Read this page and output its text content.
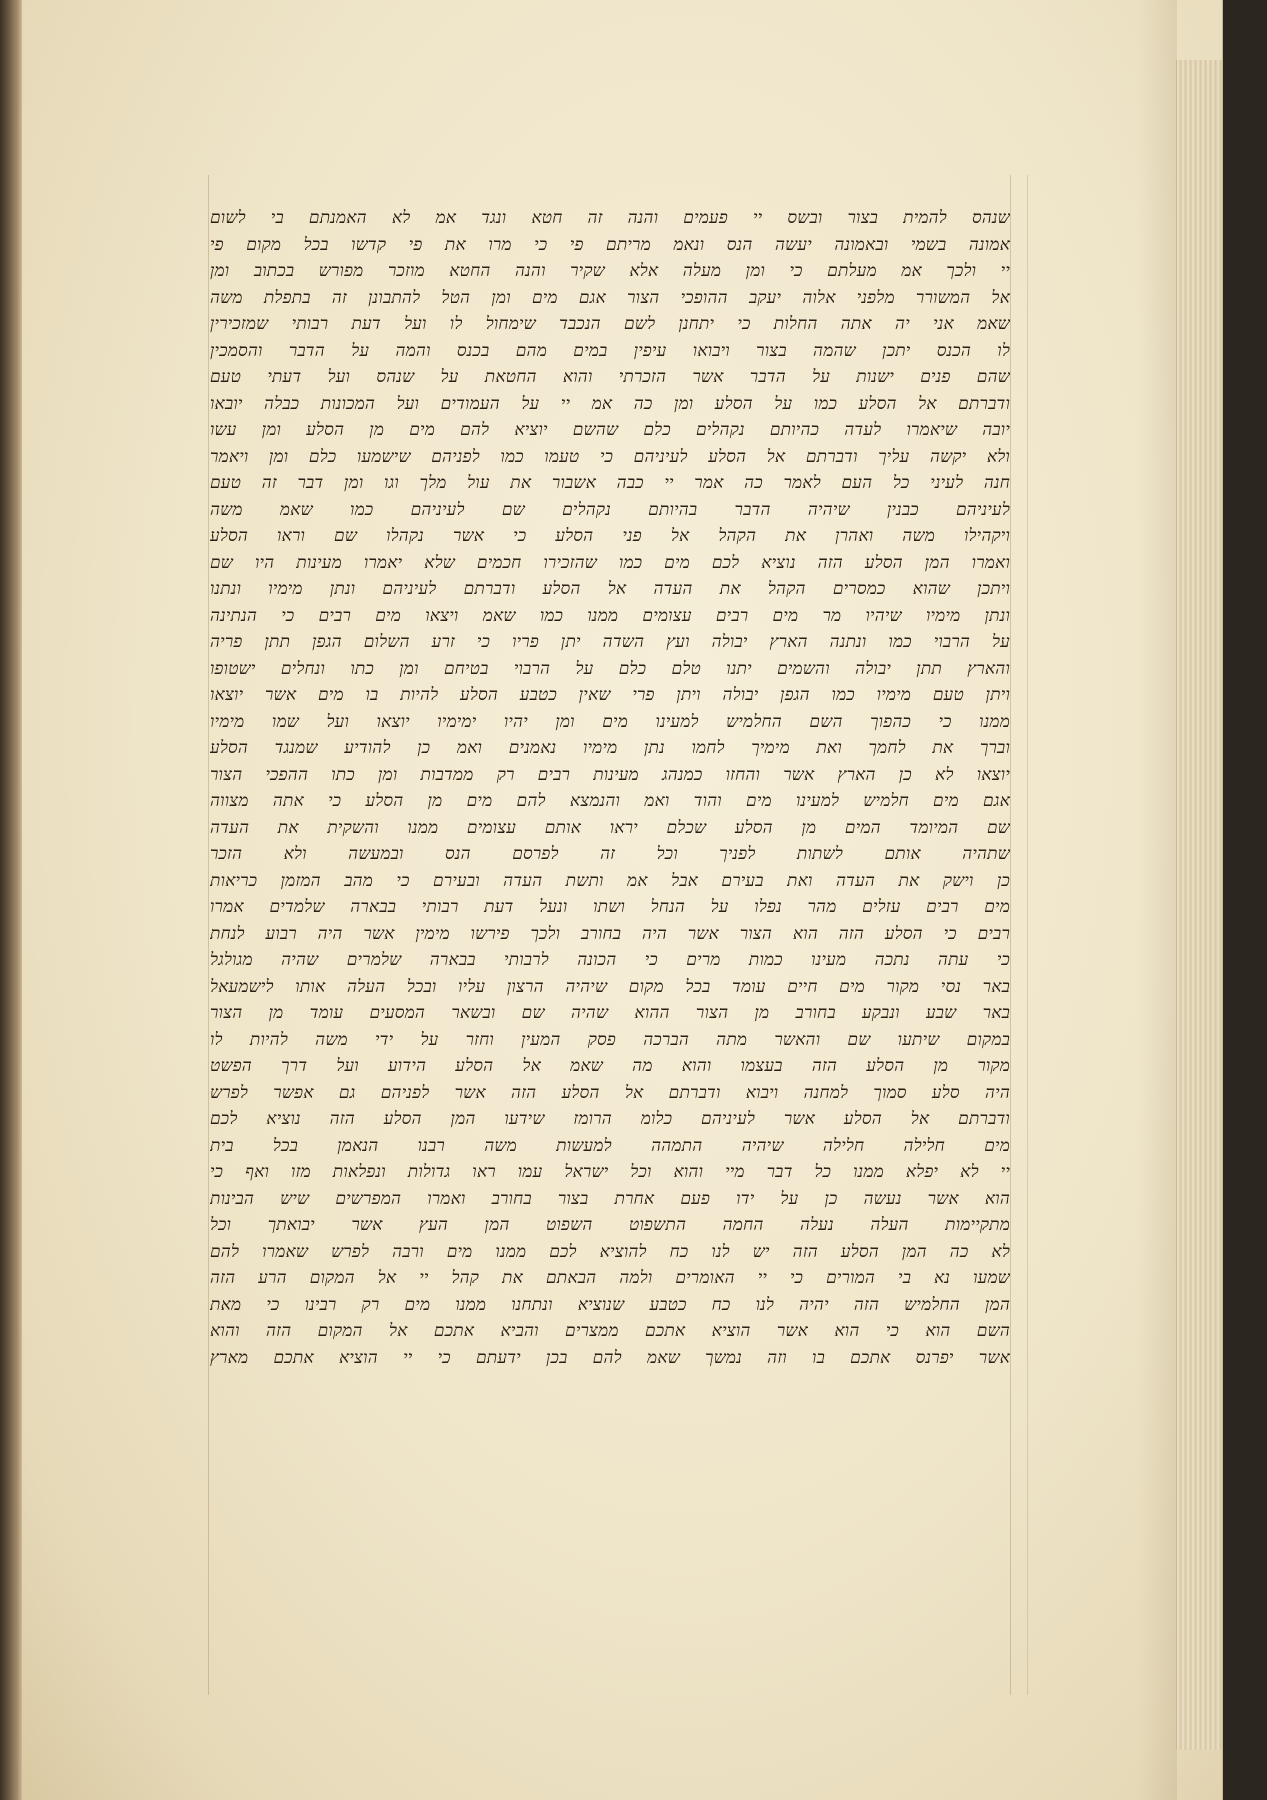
שנהס להמית בצור ובשס יי פעמים והנה זה חטא ונגד אמ לא האמנתם בי לשום
אמונה בשמי ובאמונה יעשה הנס ונאמ מריתם פי כי מרו את פי קדשו בכל מקום פי
יי ולכך אמ מעלתם כי ומן מעלה אלא שקיר והנה החטא מוזכר מפורש בכתוב ומן
אל המשורר מלפני אלוה יעקב ההופכי הצור אגם מים ומן הטל להתבונן זה בתפלת משה
שאמ אני יה אתה החלות כי יתחנן לשם הנכבד שימחול לו ועל דעת רבותי שמזכירין
לו הכנס יתכן שהמה בצור ויבואו עיפין במים מהם בכנס והמה על הדבר והסמכין
שהם פנים ישנות על הדבר אשר הזכרתי והוא החטאת על שנהס ועל דעתי טעם
ודברתם אל הסלע כמו על הסלע ומן כה אמ יי על העמודים ועל המכונות כבלה יובאו
יובה שיאמרו לעדה כהיותם נקהלים כלם שהשם יוציא להם מים מן הסלע ומן עשו
ולא יקשה עליך ודברתם אל הסלע לעיניהם כי טעמו כמו לפניהם שישמעו כלם ומן ויאמר
חנה לעיני כל העם לאמר כה אמר יי כבה אשבור את עול מלך וגו ומן דבר זה טעם
לעיניהם כבנין שיהיה הדבר בהיותם נקהלים שם לעיניהם כמו שאמ משה
ויקהילו משה ואהרן את הקהל אל פני הסלע כי אשר נקהלו שם וראו הסלע
ואמרו המן הסלע הזה נוציא לכם מים כמו שהזכירו חכמים שלא יאמרו מעינות היו שם
ויתכן שהוא כמסרים הקהל את העדה אל הסלע ודברתם לעיניהם ונתן מימיו ונתנו
ונתן מימיו שיהיו מר מים רבים עצומים ממנו כמו שאמ ויצאו מים רבים כי הנתינה
על הרבוי כמו ונתנה הארץ יבולה ועץ השדה יתן פריו כי זרע השלום הגפן תתן פריה
והארץ תתן יבולה והשמים יתנו טלם כלם על הרבוי בטיחם ומן כתו ונחלים ישטופו
ויתן טעם מימיו כמו הגפן יבולה ויתן פרי שאין כטבע הסלע להיות בו מים אשר יוצאו
ממנו כי כהפוך השם החלמיש למעינו מים ומן יהיו ימימיו יוצאו ועל שמו מימיו
וברך את לחמך ואת מימיך לחמו נתן מימיו נאמנים ואמ כן להודיע שמנגד הסלע
יוצאו לא כן הארץ אשר והחזו כמנהג מעינות רבים רק ממדבות ומן כתו ההפכי הצור
אגם מים חלמיש למעינו מים והוד ואמ והנמצא להם מים מן הסלע כי אתה מצווה
שם המיומד המים מן הסלע שכלם יראו אותם עצומים ממנו והשקית את העדה
שתהיה אותם לשתות לפניך וכל זה לפרסם הנס ובמעשה ולא הזכר
כן וישק את העדה ואת בעירם אבל אמ ותשת העדה ובעירם כי מהב המזמן כריאות
מים רבים עזלים מהר נפלו על הנחל ושתו ונעל דעת רבותי בבארה שלמדים אמרו
רבים כי הסלע הזה הוא הצור אשר היה בחורב ולכך פירשו מימין אשר היה רבוע לנחת
כי עתה נתכה מעינו כמות מרים כי הכונה לרבותי בבארה שלמרים שהיה מגולגל
באר נסי מקור מים חיים עומד בכל מקום שיהיה הרצון עליו ובכל העלה אותו לישמעאל
באר שבע ונבקע בחורב מן הצור ההוא שהיה שם ובשאר המסעים עומד מן הצור
במקום שיתעו שם והאשר מתה הברכה פסק המעין וחזר על ידי משה להיות לו
מקור מן הסלע הזה בעצמו והוא מה שאמ אל הסלע הידוע ועל דרך הפשט
היה סלע סמוך למחנה ויבוא ודברתם אל הסלע הזה אשר לפניהם גם אפשר לפרש
ודברתם אל הסלע אשר לעיניהם כלומ הרומז שידעו המן הסלע הזה נוציא לכם
מים חלילה חלילה שיהיה התמהה למעשות משה רבנו הנאמן בכל בית
יי לא יפלא ממנו כל דבר מיי והוא וכל ישראל עמו ראו גדולות ונפלאות מזו ואף כי
הוא אשר נעשה כן על ידו פעם אחרת בצור בחורב ואמרו המפרשים שיש הבינות
מתקיימות העלה נעלה החמה התשפוט השפוט המן העץ אשר יבואתך וכל
לא כה המן הסלע הזה יש לנו כח להוציא לכם ממנו מים ורבה לפרש שאמרו להם
שמעו נא בי המורים כי יי האומרים ולמה הבאתם את קהל יי אל המקום הרע הזה
המן החלמיש הזה יהיה לנו כח כטבע שנוציא ונתחנו ממנו מים רק רבינו כי מאת
השם הוא כי הוא אשר הוציא אתכם ממצרים והביא אתכם אל המקום הזה והוא
אשר יפרנס אתכם בו וזה נמשך שאמ להם בכן ידעתם כי יי הוציא אתכם מארץ
